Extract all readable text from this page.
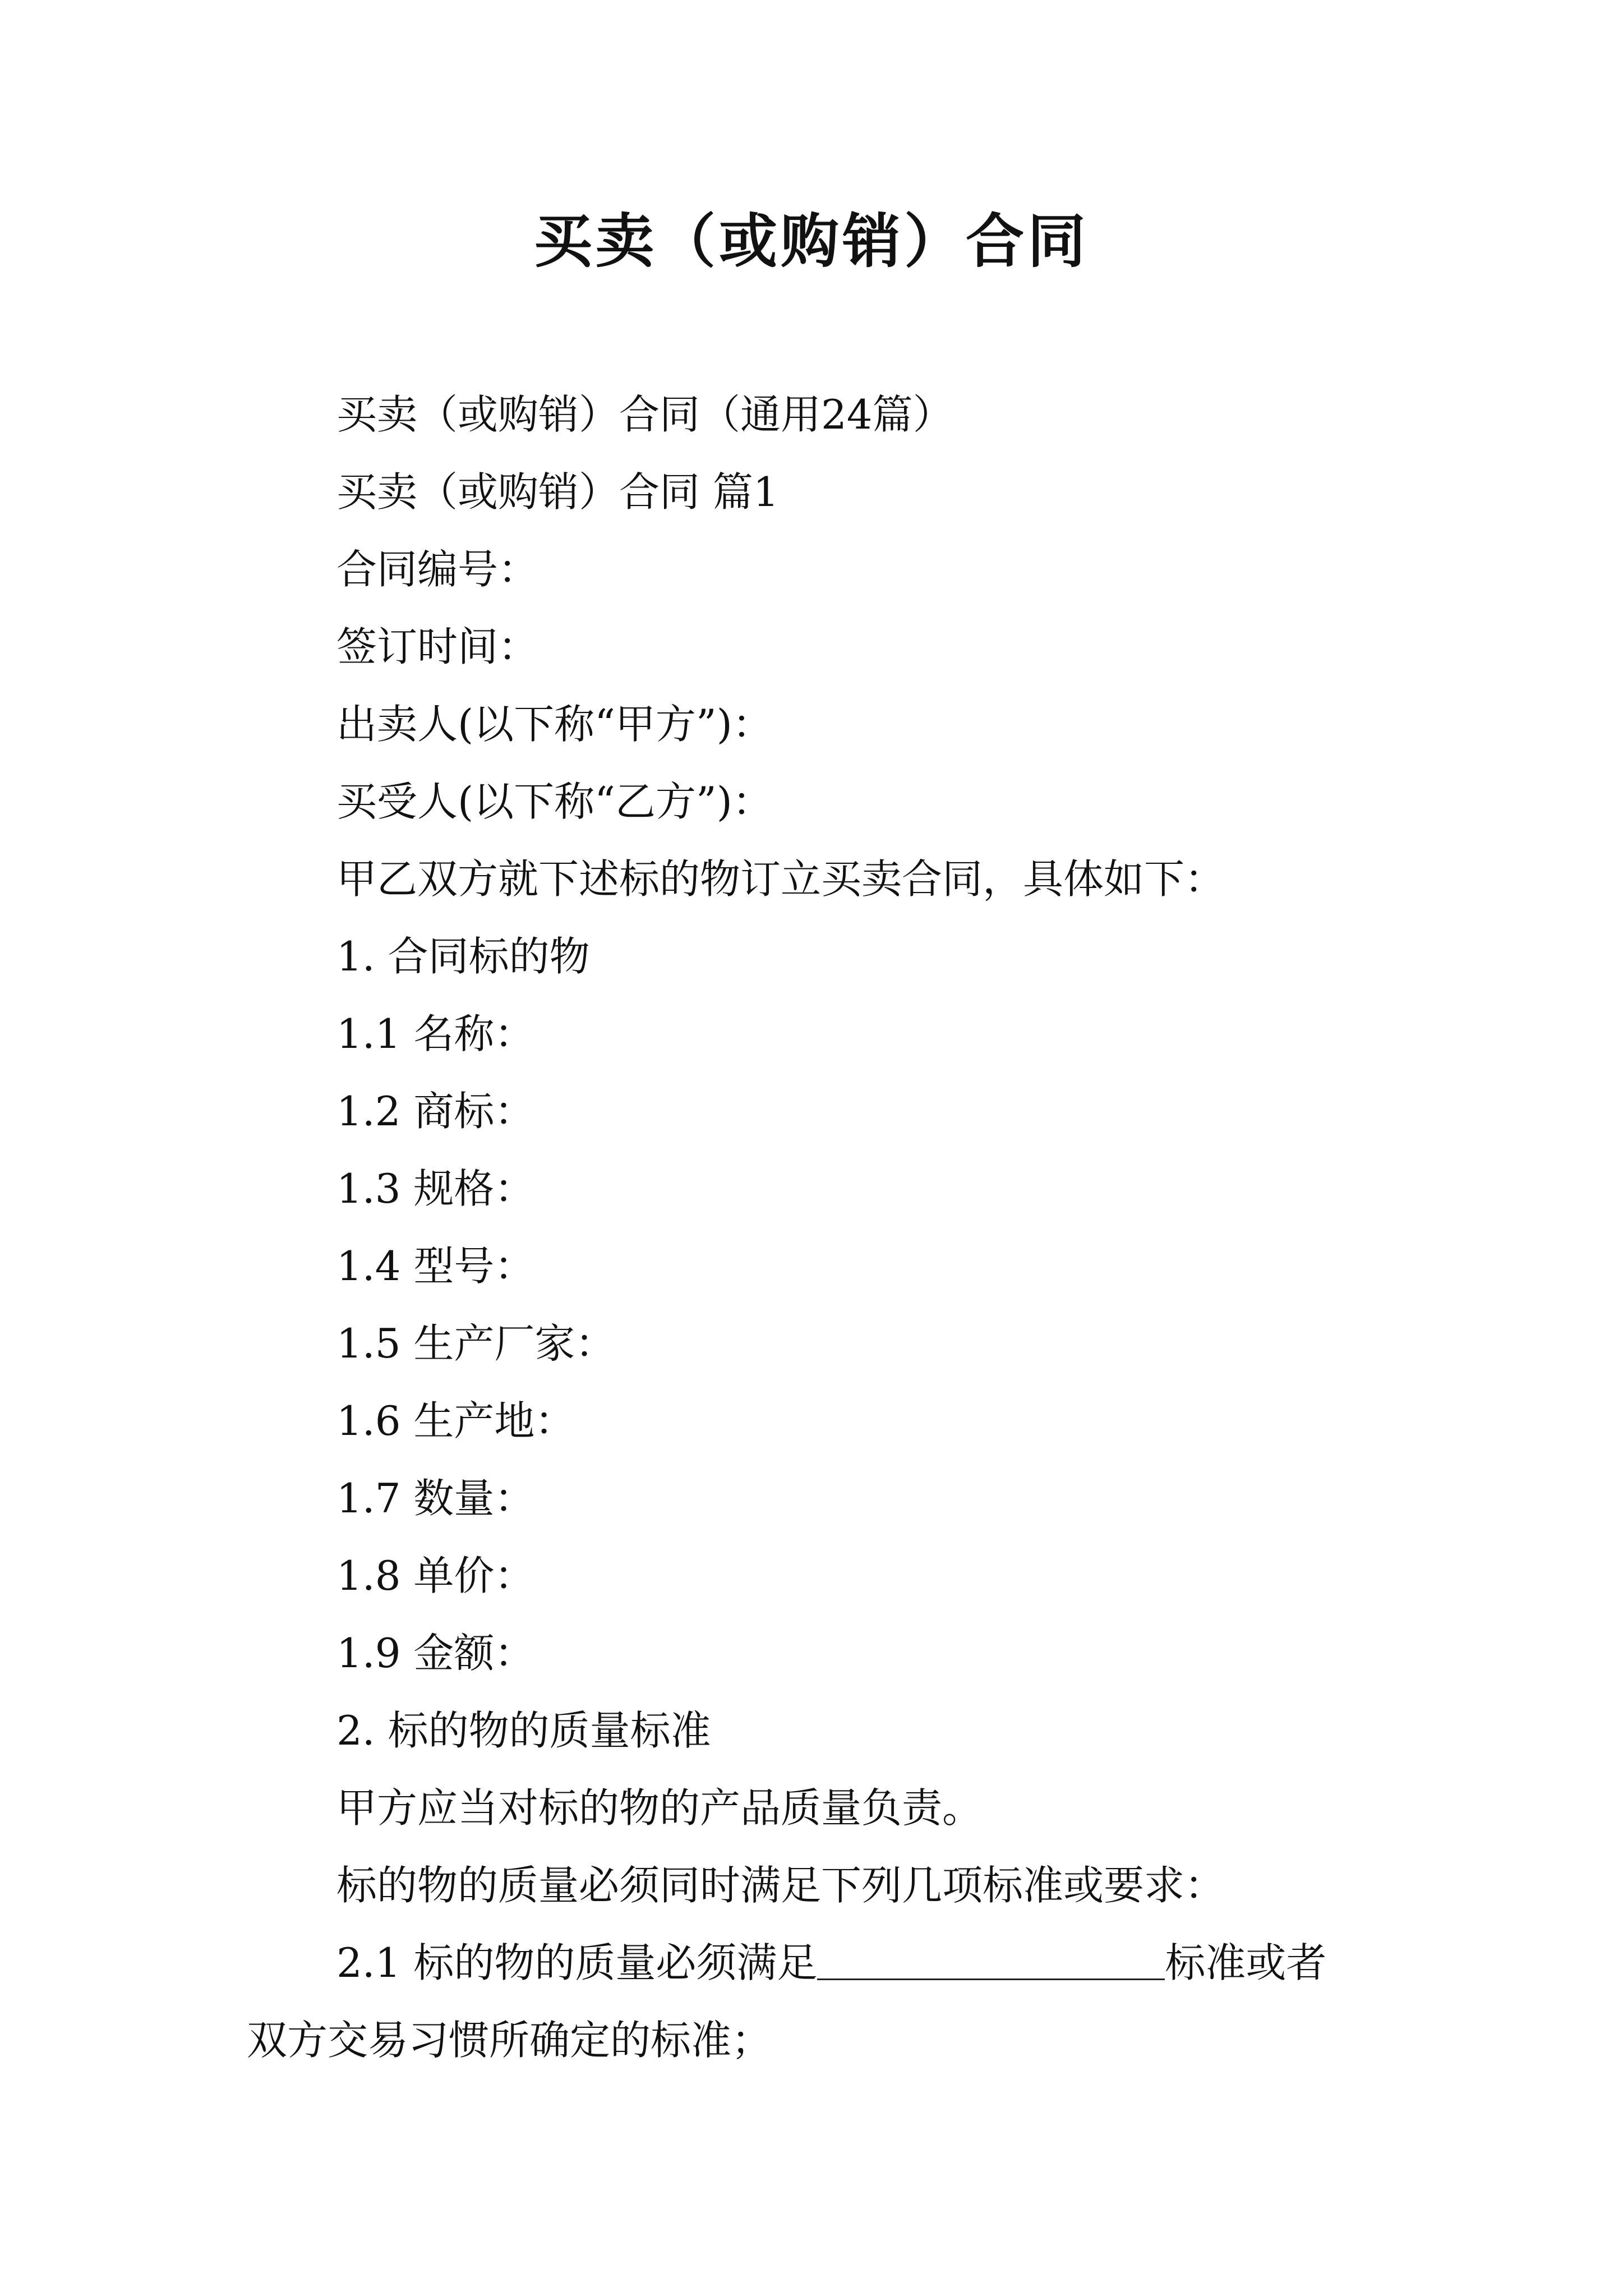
买卖（或购销）合同
买卖（或购销）合同（通用24篇）
买卖（或购销）合同 篇1
合同编号：
签订时间：
出卖人(以下称“甲方”)：
买受人(以下称“乙方”)：
甲乙双方就下述标的物订立买卖合同，具体如下：
1. 合同标的物
1.1 名称：
1.2 商标：
1.3 规格：
1.4 型号：
1.5 生产厂家：
1.6 生产地：
1.7 数量：
1.8 单价：
1.9 金额：
2. 标的物的质量标准
甲方应当对标的物的产品质量负责。
标的物的质量必须同时满足下列几项标准或要求：
2.1 标的物的质量必须满足	标准或者
双方交易习惯所确定的标准；
